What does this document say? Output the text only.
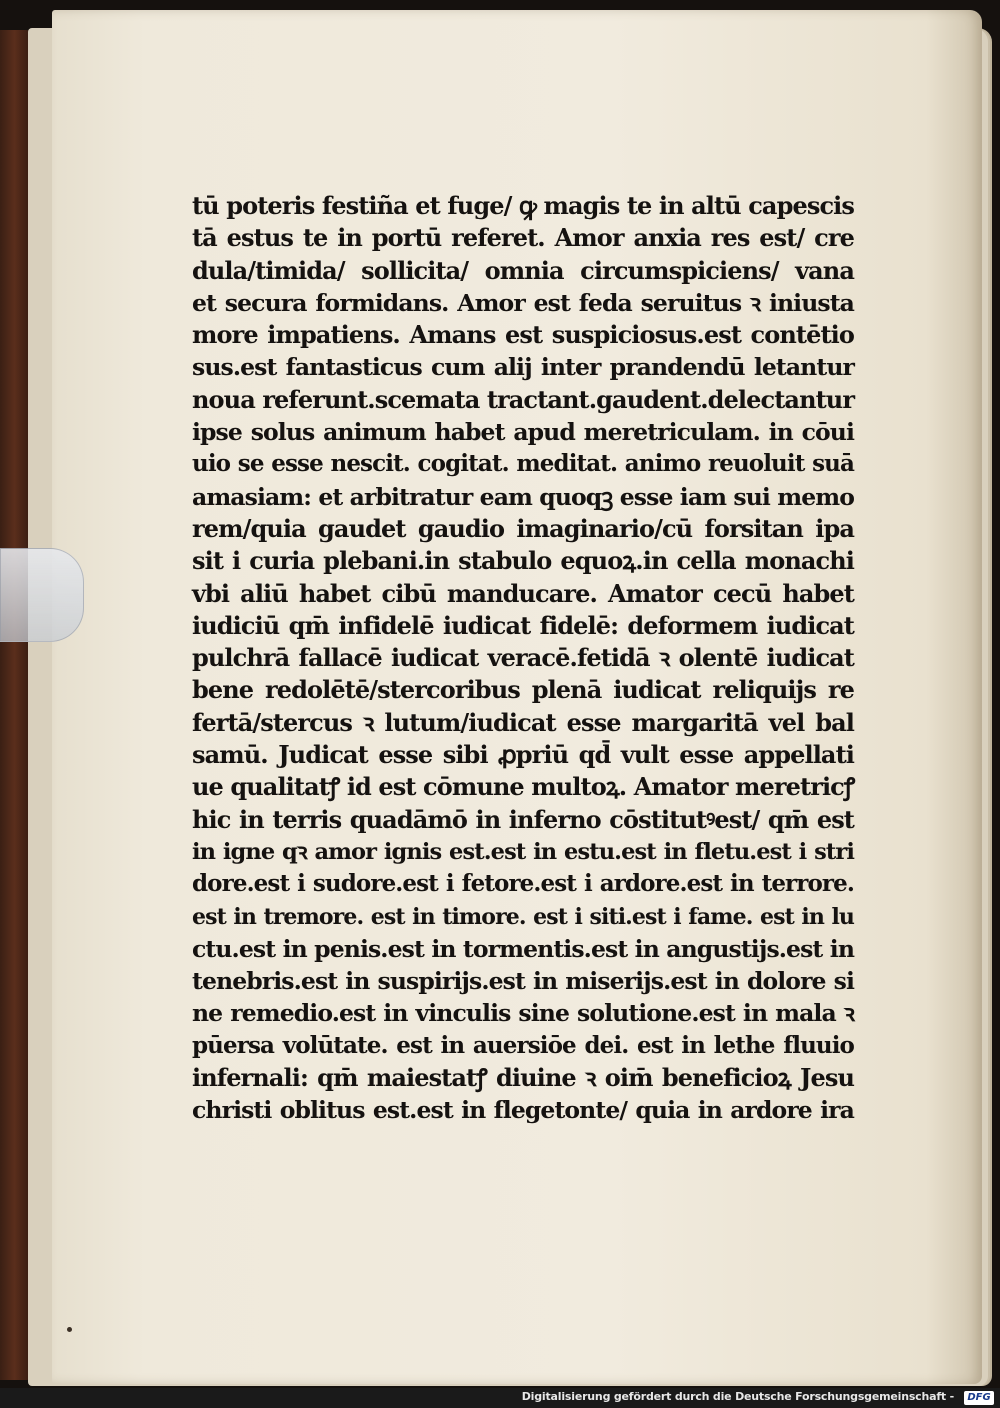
tū poteris festiña et fuge/ ꝙ magis te in altū capescis
tā estus te in portū referet. Amor anxia res est/ cre
dula/timida/ sollicita/ omnia circumspiciens/ vana
et secura formidans. Amor est feda seruitus ꝛ iniusta
more impatiens. Amans est suspiciosus.est contētio
sus.est fantasticus cum alij inter prandendū letantur
noua referunt.scemata tractant.gaudent.delectantur
ipse solus animum habet apud meretriculam. in cōui
uio se esse nescit. cogitat. meditat. animo reuoluit suā
amasiam: et arbitratur eam quoqꝫ esse iam sui memo
rem/quia gaudet gaudio imaginario/cū forsitan ipa
sit i curia plebani.in stabulo equoꝝ.in cella monachi
vbi aliū habet cibū manducare. Amator cecū habet
iudiciū qm̄ infidelē iudicat fidelē: deformem iudicat
pulchrā fallacē iudicat veracē.fetidā ꝛ olentē iudicat
bene redolētē/stercoribus plenā iudicat reliquijs re
fertā/stercus ꝛ lutum/iudicat esse margaritā vel bal
samū. Judicat esse sibi ꝓpriū qd̄ vult esse appellati
ue qualitatꝭ id est cōmune multoꝝ. Amator meretricꝭ
hic in terris quadāmō in inferno cōstitutꝰest/ qm̄ est
in igne qꝛ amor ignis est.est in estu.est in fletu.est i stri
dore.est i sudore.est i fetore.est i ardore.est in terrore.
est in tremore. est in timore. est i siti.est i fame. est in lu
ctu.est in penis.est in tormentis.est in angustijs.est in
tenebris.est in suspirijs.est in miserijs.est in dolore si
ne remedio.est in vinculis sine solutione.est in mala ꝛ
pūersa volūtate. est in auersiōe dei. est in lethe fluuio
infernali: qm̄ maiestatꝭ diuine ꝛ oim̄ beneficioꝝ Jesu
christi oblitus est.est in flegetonte/ quia in ardore ira
Digitalisierung gefördert durch die Deutsche Forschungsgemeinschaft -	DFG
